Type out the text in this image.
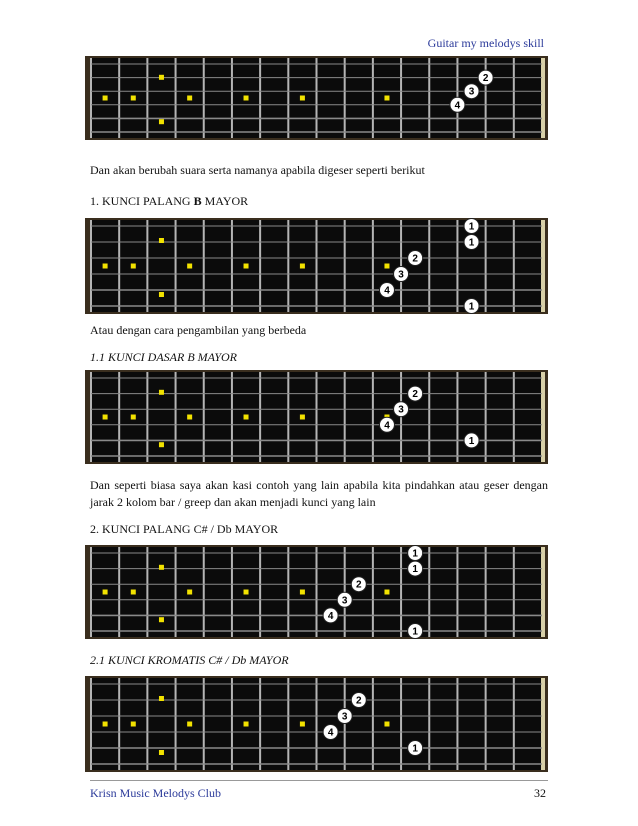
Guitar my melodys skill
2
3
4
Dan akan berubah suara serta namanya apabila digeser seperti berikut
1. KUNCI PALANG B MAYOR
1
1
2
3
4
1
Atau dengan cara pengambilan yang berbeda
1.1 KUNCI DASAR B MAYOR
2
3
4
1
Dan seperti biasa saya akan kasi contoh yang lain apabila kita pindahkan atau geser dengan jarak 2 kolom bar / greep dan akan menjadi kunci yang lain
2. KUNCI PALANG C# / Db MAYOR
1
1
2
3
4
1
2.1 KUNCI KROMATIS C# / Db MAYOR
2
3
4
1
Krisn Music Melodys Club	32
